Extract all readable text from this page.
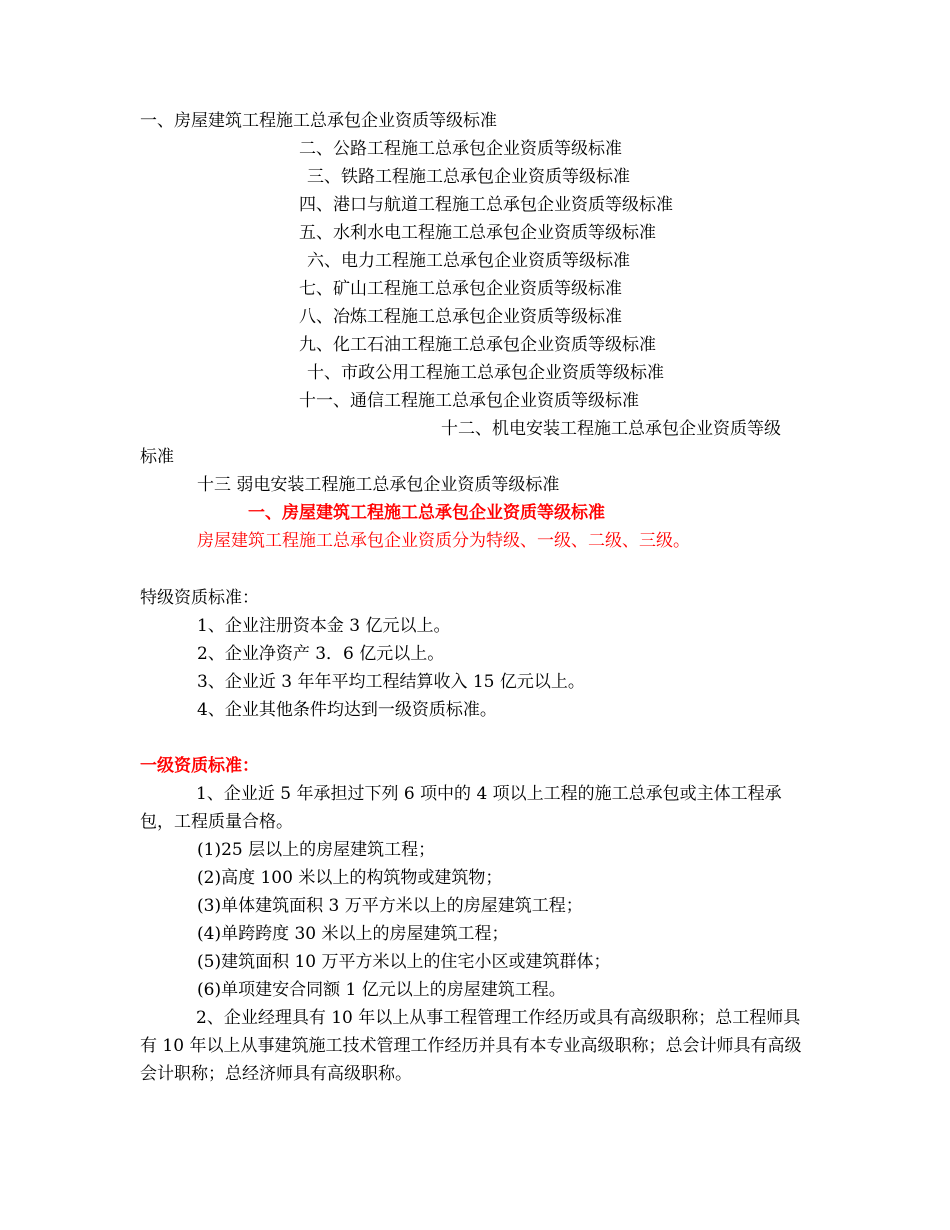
一、房屋建筑工程施工总承包企业资质等级标准
二、公路工程施工总承包企业资质等级标准
三、铁路工程施工总承包企业资质等级标准
四、港口与航道工程施工总承包企业资质等级标准
五、水利水电工程施工总承包企业资质等级标准
六、电力工程施工总承包企业资质等级标准
七、矿山工程施工总承包企业资质等级标准
八、冶炼工程施工总承包企业资质等级标准
九、化工石油工程施工总承包企业资质等级标准
十、市政公用工程施工总承包企业资质等级标准
十一、通信工程施工总承包企业资质等级标准
十二、机电安装工程施工总承包企业资质等级
标准
十三 弱电安装工程施工总承包企业资质等级标准
一、房屋建筑工程施工总承包企业资质等级标准
房屋建筑工程施工总承包企业资质分为特级、一级、二级、三级。
特级资质标准：
1、企业注册资本金 3 亿元以上。
2、企业净资产 3．6 亿元以上。
3、企业近 3 年年平均工程结算收入 15 亿元以上。
4、企业其他条件均达到一级资质标准。
一级资质标准：

1、企业近 5 年承担过下列 6 项中的 4 项以上工程的施工总承包或主体工程承包，工程质量合格。

(1)25 层以上的房屋建筑工程；
(2)高度 100 米以上的构筑物或建筑物；
(3)单体建筑面积 3 万平方米以上的房屋建筑工程；
(4)单跨跨度 30 米以上的房屋建筑工程；
(5)建筑面积 10 万平方米以上的住宅小区或建筑群体；
(6)单项建安合同额 1 亿元以上的房屋建筑工程。

2、企业经理具有 10 年以上从事工程管理工作经历或具有高级职称；总工程师具有 10 年以上从事建筑施工技术管理工作经历并具有本专业高级职称；总会计师具有高级会计职称；总经济师具有高级职称。
